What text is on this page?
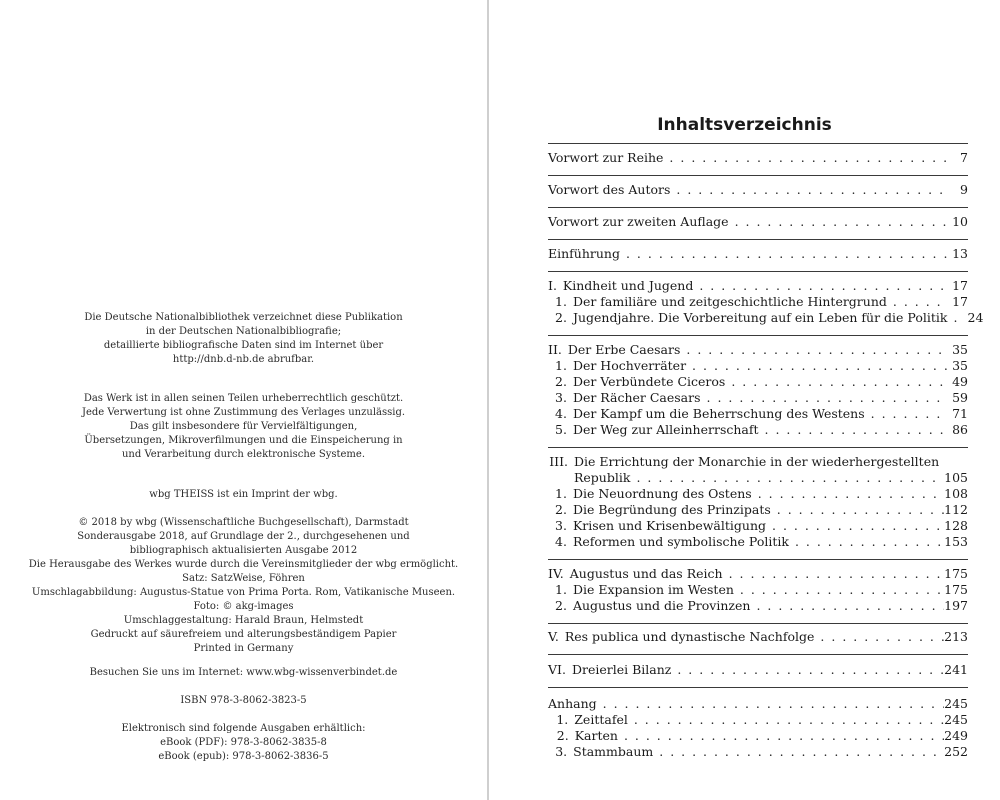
Die Deutsche Nationalbibliothek verzeichnet diese Publikation
in der Deutschen Nationalbibliografie;
detaillierte bibliografische Daten sind im Internet über
http://dnb.d-nb.de abrufbar.
Das Werk ist in allen seinen Teilen urheberrechtlich geschützt.
Jede Verwertung ist ohne Zustimmung des Verlages unzulässig.
Das gilt insbesondere für Vervielfältigungen,
Übersetzungen, Mikroverfilmungen und die Einspeicherung in
und Verarbeitung durch elektronische Systeme.
wbg THEISS ist ein Imprint der wbg.
© 2018 by wbg (Wissenschaftliche Buchgesellschaft), Darmstadt
Sonderausgabe 2018, auf Grundlage der 2., durchgesehenen und
bibliographisch aktualisierten Ausgabe 2012
Die Herausgabe des Werkes wurde durch die Vereinsmitglieder der wbg ermöglicht.
Satz: SatzWeise, Föhren
Umschlagabbildung: Augustus-Statue von Prima Porta. Rom, Vatikanische Museen.
Foto: © akg-images
Umschlaggestaltung: Harald Braun, Helmstedt
Gedruckt auf säurefreiem und alterungsbeständigem Papier
Printed in Germany
Besuchen Sie uns im Internet: www.wbg-wissenverbindet.de
ISBN 978-3-8062-3823-5
Elektronisch sind folgende Ausgaben erhältlich:
eBook (PDF): 978-3-8062-3835-8
eBook (epub): 978-3-8062-3836-5
Inhaltsverzeichnis
Vorwort zur Reihe . . .	7
Vorwort des Autors . . .	9
Vorwort zur zweiten Auflage . . .	10
Einführung . . .	13
I. Kindheit und Jugend . . .	17
1. Der familiäre und zeitgeschichtliche Hintergrund . . .	17
2. Jugendjahre. Die Vorbereitung auf ein Leben für die Politik . . .	24
II. Der Erbe Caesars . . .	35
1. Der Hochverräter . . .	35
2. Der Verbündete Ciceros . . .	49
3. Der Rächer Caesars . . .	59
4. Der Kampf um die Beherrschung des Westens . . .	71
5. Der Weg zur Alleinherrschaft . . .	86
III. Die Errichtung der Monarchie in der wiederhergestellten
Republik . . .	105
1. Die Neuordnung des Ostens . . .	108
2. Die Begründung des Prinzipats . . .	112
3. Krisen und Krisenbewältigung . . .	128
4. Reformen und symbolische Politik . . .	153
IV. Augustus und das Reich . . .	175
1. Die Expansion im Westen . . .	175
2. Augustus und die Provinzen . . .	197
V. Res publica und dynastische Nachfolge . . .	213
VI. Dreierlei Bilanz . . .	241
Anhang . . .	245
1. Zeittafel . . .	245
2. Karten . . .	249
3. Stammbaum . . .	252
